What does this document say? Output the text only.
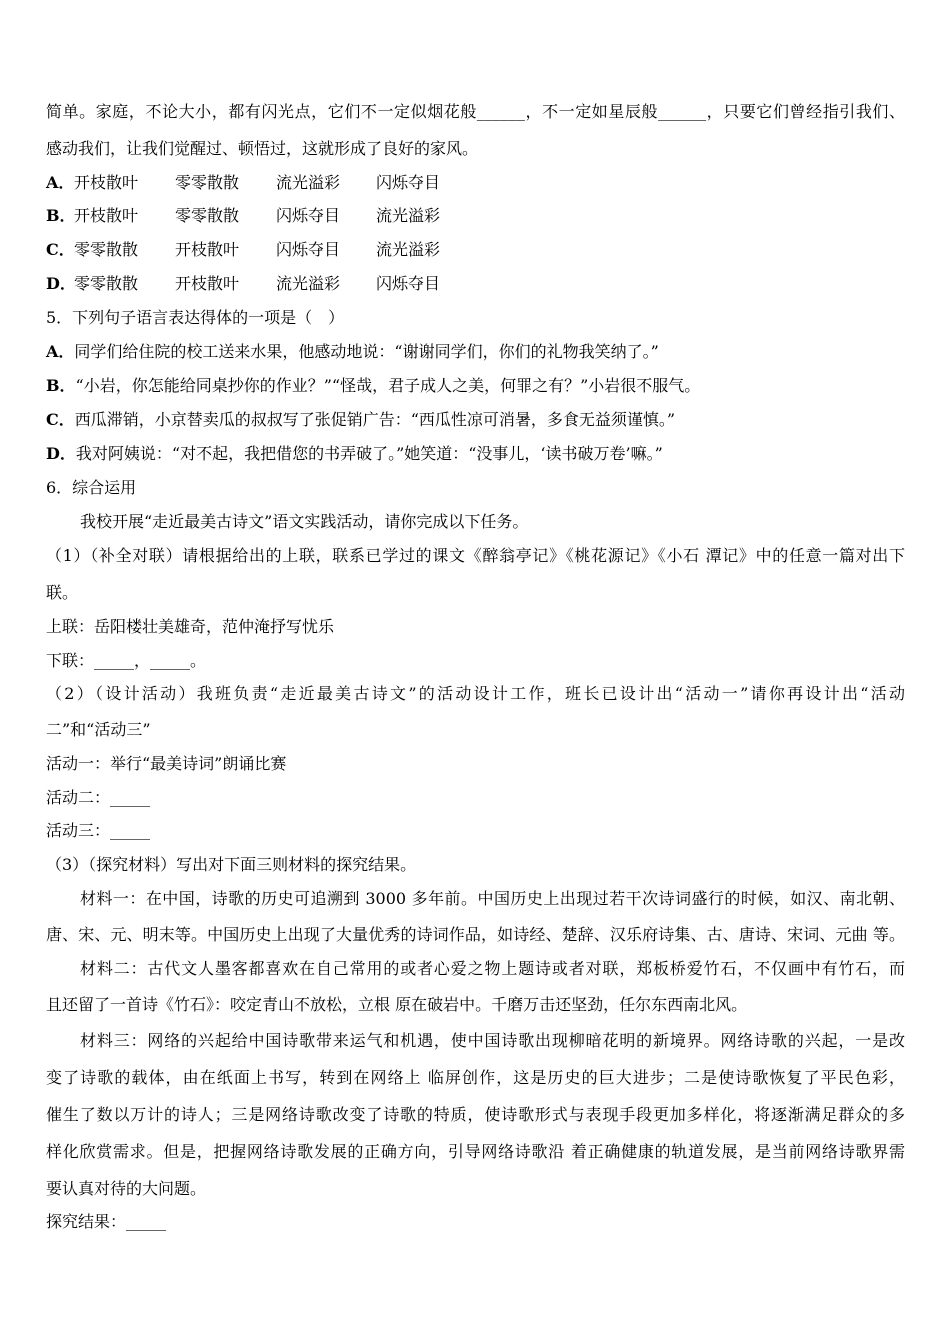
简单。家庭，不论大小，都有闪光点，它们不一定似烟花般______，不一定如星辰般______，只要它们曾经指引我们、
感动我们，让我们觉醒过、顿悟过，这就形成了良好的家风。
A． 开枝散叶 零零散散 流光溢彩 闪烁夺目
B．
开枝散叶 零零散散 闪烁夺目 流光溢彩
C． 零零散散 开枝散叶 闪烁夺目 流光溢彩
D．
零零散散 开枝散叶 流光溢彩 闪烁夺目
5．下列句子语言表达得体的一项是（　）
A．同学们给住院的校工送来水果，他感动地说：“谢谢同学们，你们的礼物我笑纳了。”
B．“小岩，你怎能给同桌抄你的作业？”“怪哉，君子成人之美，何罪之有？”小岩很不服气。
C．西瓜滞销，小京替卖瓜的叔叔写了张促销广告：“西瓜性凉可消暑，多食无益须谨慎。”
D．我对阿姨说：“对不起，我把借您的书弄破了。”她笑道：“没事儿，‘读书破万卷’嘛。”
6．综合运用
我校开展“走近最美古诗文”语文实践活动，请你完成以下任务。
（1）（补全对联）请根据给出的上联，联系已学过的课文《醉翁亭记》《桃花源记》《小石 潭记》中的任意一篇对出下
联。
上联：岳阳楼壮美雄奇，范仲淹抒写忧乐
下联：_____，_____。
（2）（设计活动）我班负责“走近最美古诗文”的活动设计工作，班长已设计出“活动一”请你再设计出“活动
二”和“活动三”
活动一：举行“最美诗词”朗诵比赛
活动二：_____
活动三：_____
（3）（探究材料）写出对下面三则材料的探究结果。
材料一：在中国，诗歌的历史可追溯到 3000 多年前。中国历史上出现过若干次诗词盛行的时候，如汉、南北朝、
唐、宋、元、明末等。中国历史上出现了大量优秀的诗词作品，如诗经、楚辞、汉乐府诗集、古、唐诗、宋词、元曲 等。
材料二：古代文人墨客都喜欢在自己常用的或者心爱之物上题诗或者对联，郑板桥爱竹石，不仅画中有竹石，而
且还留了一首诗《竹石》：咬定青山不放松，立根 原在破岩中。千磨万击还坚劲，任尔东西南北风。
材料三：网络的兴起给中国诗歌带来运气和机遇，使中国诗歌出现柳暗花明的新境界。网络诗歌的兴起，一是改
变了诗歌的载体，由在纸面上书写，转到在网络上 临屏创作，这是历史的巨大进步；二是使诗歌恢复了平民色彩，
催生了数以万计的诗人；三是网络诗歌改变了诗歌的特质，使诗歌形式与表现手段更加多样化，将逐渐满足群众的多
样化欣赏需求。但是，把握网络诗歌发展的正确方向，引导网络诗歌沿 着正确健康的轨道发展，是当前网络诗歌界需
要认真对待的大问题。
探究结果：_____
